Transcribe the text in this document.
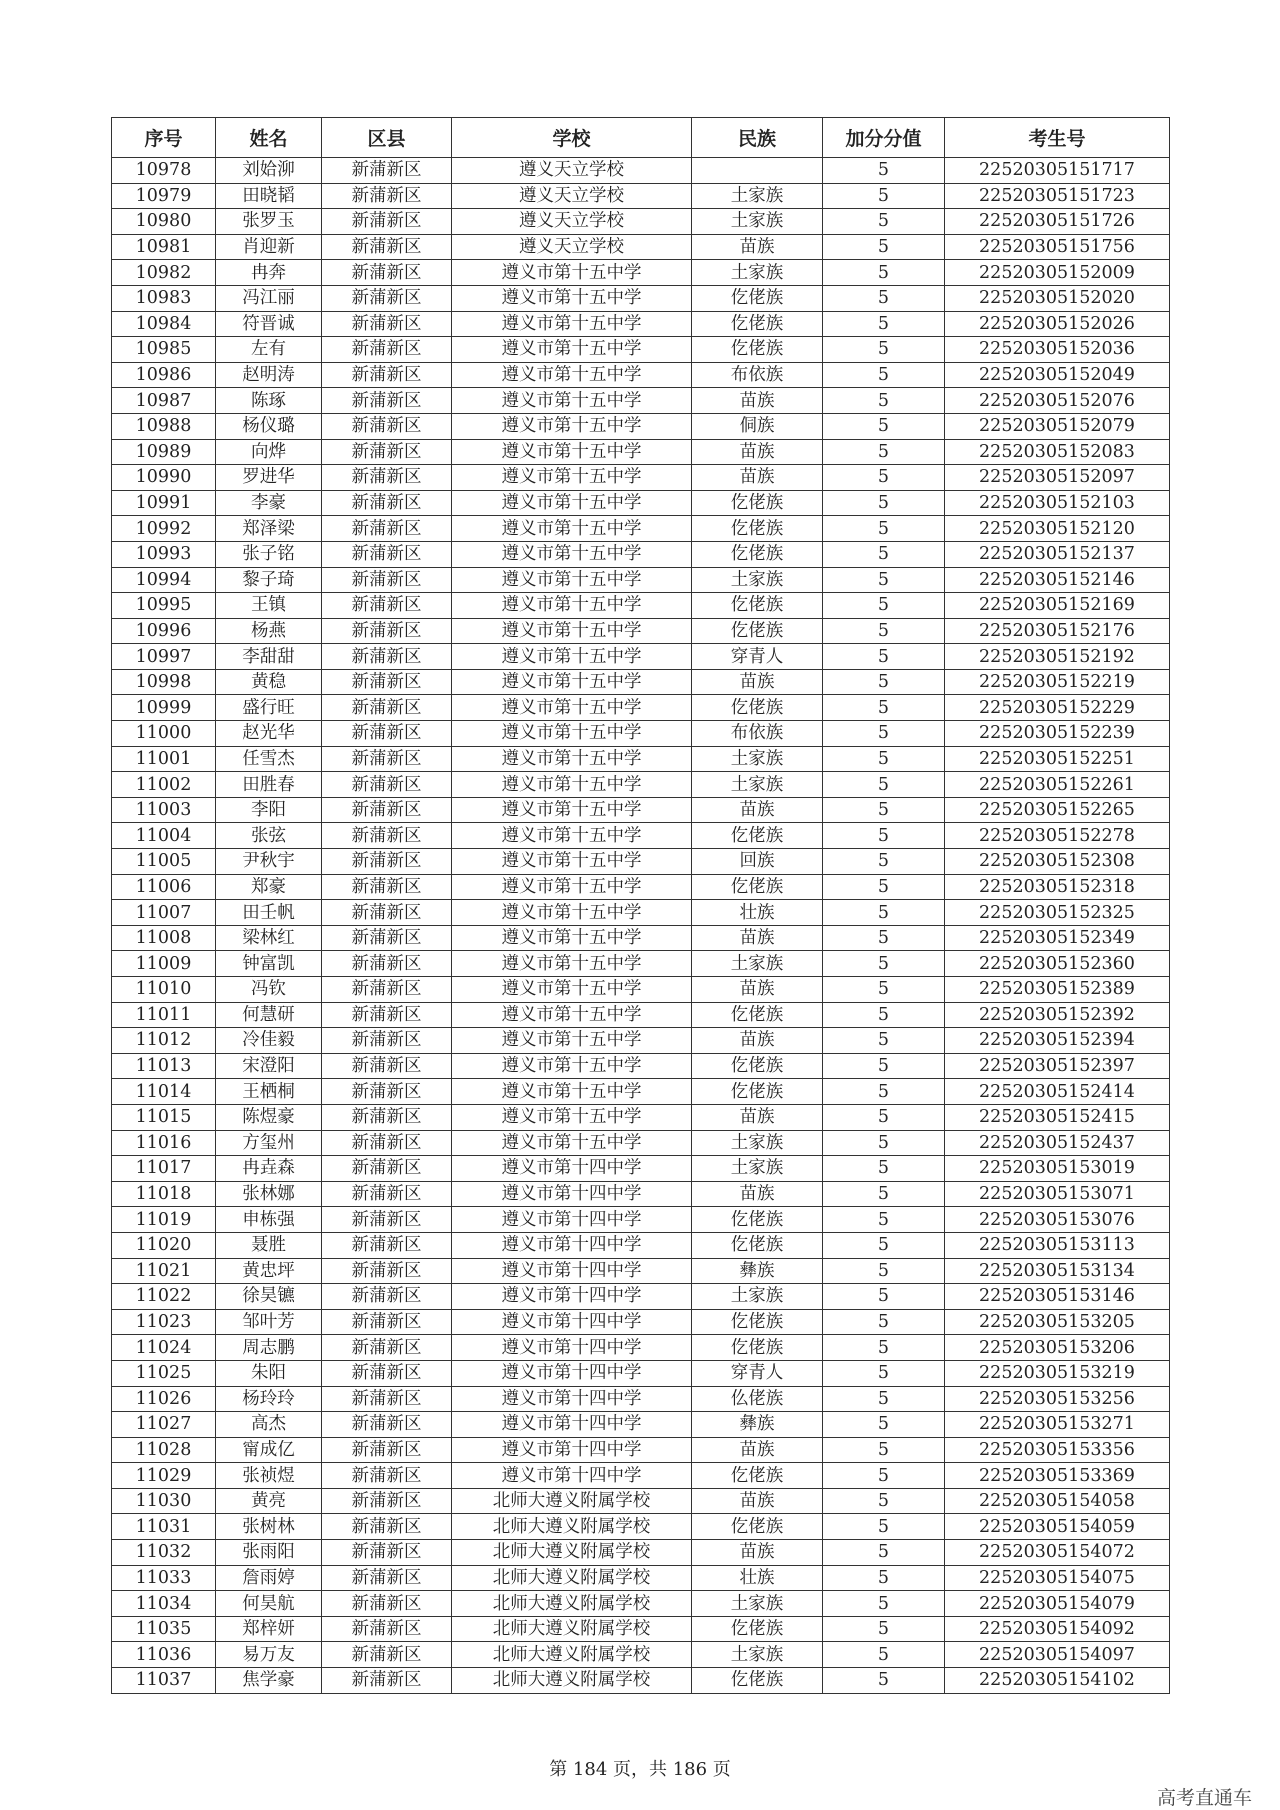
序号	姓名	区县	学校	民族	加分分值	考生号
10978	刘姶泖	新蒲新区	遵义天立学校		5	22520305151717
10979	田晓韬	新蒲新区	遵义天立学校	土家族	5	22520305151723
10980	张罗玉	新蒲新区	遵义天立学校	土家族	5	22520305151726
10981	肖迎新	新蒲新区	遵义天立学校	苗族	5	22520305151756
10982	冉奔	新蒲新区	遵义市第十五中学	土家族	5	22520305152009
10983	冯江丽	新蒲新区	遵义市第十五中学	仡佬族	5	22520305152020
10984	符晋诚	新蒲新区	遵义市第十五中学	仡佬族	5	22520305152026
10985	左有	新蒲新区	遵义市第十五中学	仡佬族	5	22520305152036
10986	赵明涛	新蒲新区	遵义市第十五中学	布依族	5	22520305152049
10987	陈琢	新蒲新区	遵义市第十五中学	苗族	5	22520305152076
10988	杨仪璐	新蒲新区	遵义市第十五中学	侗族	5	22520305152079
10989	向烨	新蒲新区	遵义市第十五中学	苗族	5	22520305152083
10990	罗进华	新蒲新区	遵义市第十五中学	苗族	5	22520305152097
10991	李豪	新蒲新区	遵义市第十五中学	仡佬族	5	22520305152103
10992	郑泽梁	新蒲新区	遵义市第十五中学	仡佬族	5	22520305152120
10993	张子铭	新蒲新区	遵义市第十五中学	仡佬族	5	22520305152137
10994	黎子琦	新蒲新区	遵义市第十五中学	土家族	5	22520305152146
10995	王镇	新蒲新区	遵义市第十五中学	仡佬族	5	22520305152169
10996	杨燕	新蒲新区	遵义市第十五中学	仡佬族	5	22520305152176
10997	李甜甜	新蒲新区	遵义市第十五中学	穿青人	5	22520305152192
10998	黄稳	新蒲新区	遵义市第十五中学	苗族	5	22520305152219
10999	盛行旺	新蒲新区	遵义市第十五中学	仡佬族	5	22520305152229
11000	赵光华	新蒲新区	遵义市第十五中学	布依族	5	22520305152239
11001	任雪杰	新蒲新区	遵义市第十五中学	土家族	5	22520305152251
11002	田胜春	新蒲新区	遵义市第十五中学	土家族	5	22520305152261
11003	李阳	新蒲新区	遵义市第十五中学	苗族	5	22520305152265
11004	张弦	新蒲新区	遵义市第十五中学	仡佬族	5	22520305152278
11005	尹秋宇	新蒲新区	遵义市第十五中学	回族	5	22520305152308
11006	郑豪	新蒲新区	遵义市第十五中学	仡佬族	5	22520305152318
11007	田壬帆	新蒲新区	遵义市第十五中学	壮族	5	22520305152325
11008	梁林红	新蒲新区	遵义市第十五中学	苗族	5	22520305152349
11009	钟富凯	新蒲新区	遵义市第十五中学	土家族	5	22520305152360
11010	冯钦	新蒲新区	遵义市第十五中学	苗族	5	22520305152389
11011	何慧研	新蒲新区	遵义市第十五中学	仡佬族	5	22520305152392
11012	冷佳毅	新蒲新区	遵义市第十五中学	苗族	5	22520305152394
11013	宋澄阳	新蒲新区	遵义市第十五中学	仡佬族	5	22520305152397
11014	王栖桐	新蒲新区	遵义市第十五中学	仡佬族	5	22520305152414
11015	陈煜豪	新蒲新区	遵义市第十五中学	苗族	5	22520305152415
11016	方玺州	新蒲新区	遵义市第十五中学	土家族	5	22520305152437
11017	冉垚森	新蒲新区	遵义市第十四中学	土家族	5	22520305153019
11018	张林娜	新蒲新区	遵义市第十四中学	苗族	5	22520305153071
11019	申栋强	新蒲新区	遵义市第十四中学	仡佬族	5	22520305153076
11020	聂胜	新蒲新区	遵义市第十四中学	仡佬族	5	22520305153113
11021	黄忠坪	新蒲新区	遵义市第十四中学	彝族	5	22520305153134
11022	徐昊镳	新蒲新区	遵义市第十四中学	土家族	5	22520305153146
11023	邹叶芳	新蒲新区	遵义市第十四中学	仡佬族	5	22520305153205
11024	周志鹏	新蒲新区	遵义市第十四中学	仡佬族	5	22520305153206
11025	朱阳	新蒲新区	遵义市第十四中学	穿青人	5	22520305153219
11026	杨玲玲	新蒲新区	遵义市第十四中学	仫佬族	5	22520305153256
11027	高杰	新蒲新区	遵义市第十四中学	彝族	5	22520305153271
11028	甯成亿	新蒲新区	遵义市第十四中学	苗族	5	22520305153356
11029	张祯煜	新蒲新区	遵义市第十四中学	仡佬族	5	22520305153369
11030	黄亮	新蒲新区	北师大遵义附属学校	苗族	5	22520305154058
11031	张树林	新蒲新区	北师大遵义附属学校	仡佬族	5	22520305154059
11032	张雨阳	新蒲新区	北师大遵义附属学校	苗族	5	22520305154072
11033	詹雨婷	新蒲新区	北师大遵义附属学校	壮族	5	22520305154075
11034	何昊航	新蒲新区	北师大遵义附属学校	土家族	5	22520305154079
11035	郑梓妍	新蒲新区	北师大遵义附属学校	仡佬族	5	22520305154092
11036	易万友	新蒲新区	北师大遵义附属学校	土家族	5	22520305154097
11037	焦学豪	新蒲新区	北师大遵义附属学校	仡佬族	5	22520305154102
第 184 页，共 186 页
高考直通车
